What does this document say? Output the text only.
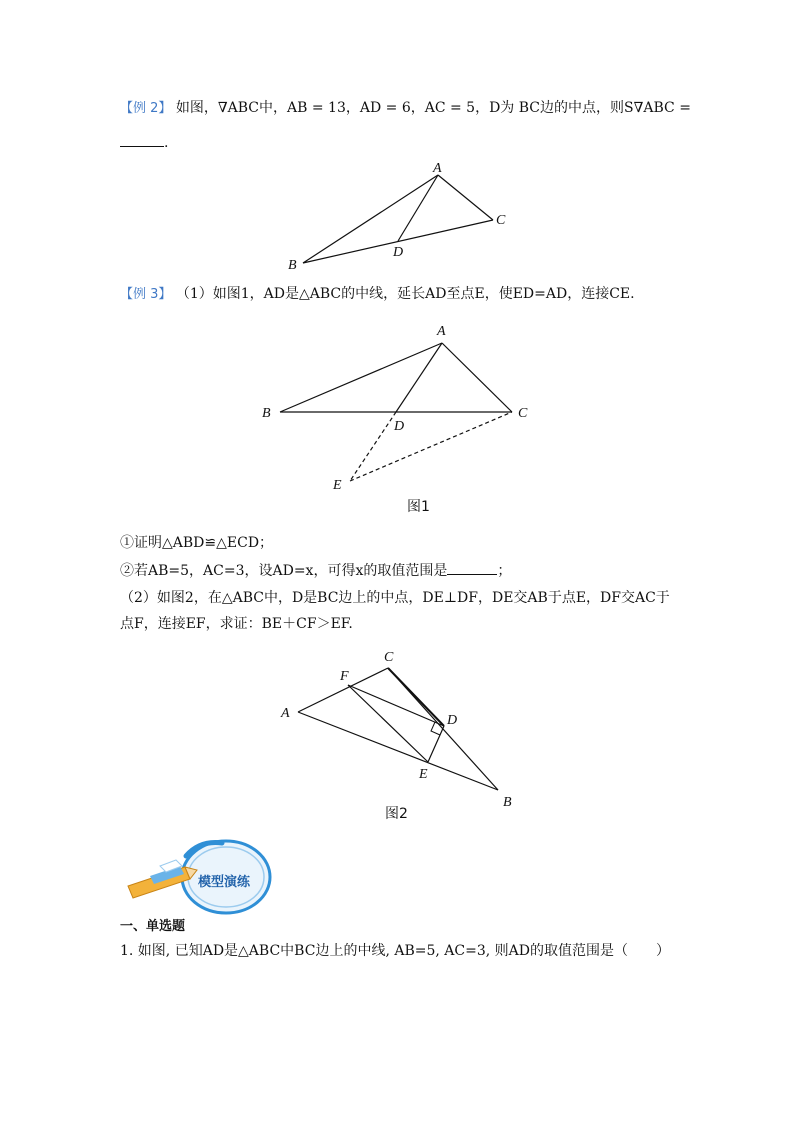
【例 2】 如图，∇ABC中，AB = 13，AD = 6，AC = 5，D为 BC边的中点，则S∇ABC =
.
A
B
C
D
【例 3】 （1）如图1，AD是△ABC的中线，延长AD至点E，使ED=AD，连接CE.
A
B	C
D
E
图1
①证明△ABD≌△ECD；
②若AB=5，AC=3，设AD=x，可得x的取值范围是	；
（2）如图2，在△ABC中，D是BC边上的中点，DE⊥DF，DE交AB于点E，DF交AC于
点F，连接EF，求证：BE＋CF＞EF.
A
B
C
D
E
F
图2
模型演练
一、单选题
1. 如图, 已知AD是△ABC中BC边上的中线, AB=5, AC=3, 则AD的取值范围是（　　）
